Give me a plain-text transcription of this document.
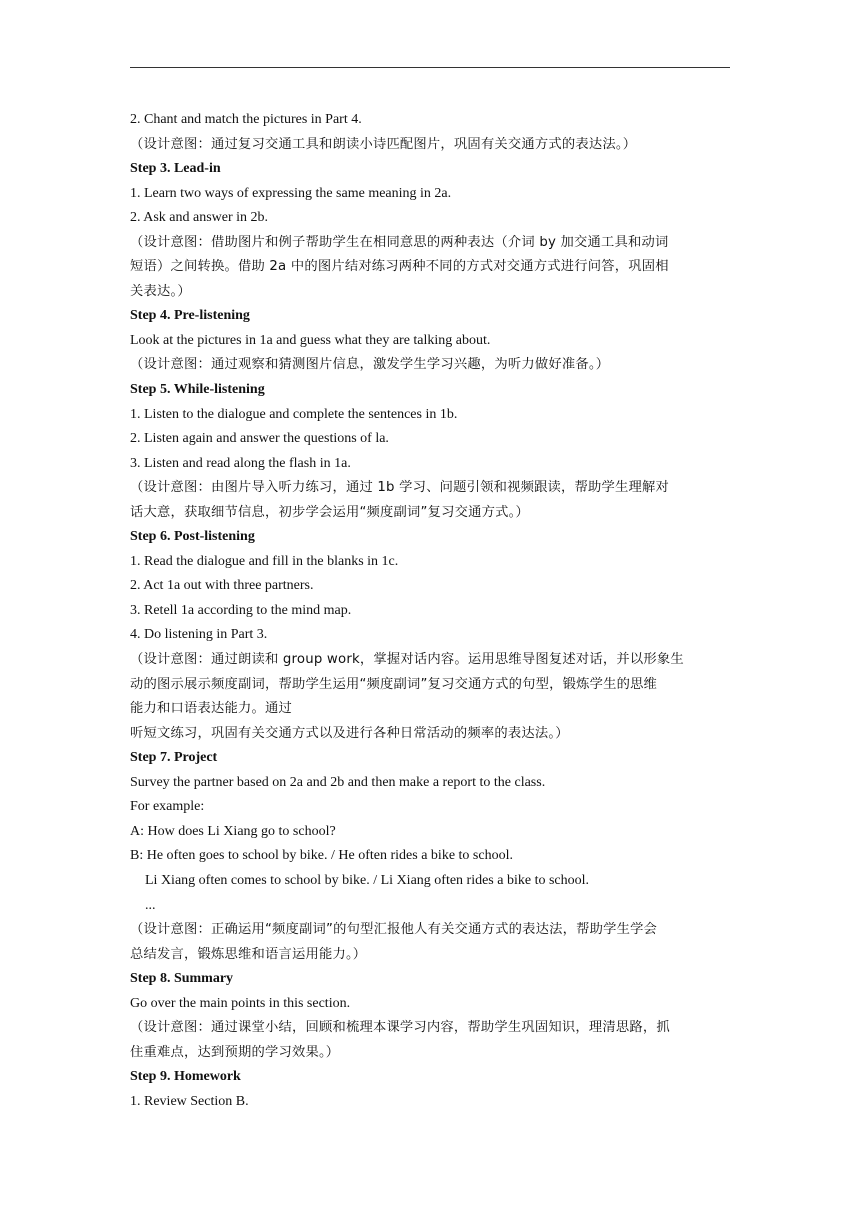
2. Chant and match the pictures in Part 4.
（设计意图：通过复习交通工具和朗读小诗匹配图片，巩固有关交通方式的表达法。）
Step 3. Lead-in
1. Learn two ways of expressing the same meaning in 2a.
2. Ask and answer in 2b.
（设计意图：借助图片和例子帮助学生在相同意思的两种表达（介词 by 加交通工具和动词
短语）之间转换。借助 2a 中的图片结对练习两种不同的方式对交通方式进行问答，巩固相
关表达。）
Step 4. Pre-listening
Look at the pictures in 1a and guess what they are talking about.
（设计意图：通过观察和猜测图片信息，激发学生学习兴趣，为听力做好准备。）
Step 5. While-listening
1. Listen to the dialogue and complete the sentences in 1b.
2. Listen again and answer the questions of la.
3. Listen and read along the flash in 1a.
（设计意图：由图片导入听力练习，通过 1b 学习、问题引领和视频跟读，帮助学生理解对
话大意，获取细节信息，初步学会运用“频度副词”复习交通方式。）
Step 6. Post-listening
1. Read the dialogue and fill in the blanks in 1c.
2. Act 1a out with three partners.
3. Retell 1a according to the mind map.
4. Do listening in Part 3.
（设计意图：通过朗读和 group work，掌握对话内容。运用思维导图复述对话，并以形象生
动的图示展示频度副词，帮助学生运用“频度副词”复习交通方式的句型，锻炼学生的思维
能力和口语表达能力。通过
听短文练习，巩固有关交通方式以及进行各种日常活动的频率的表达法。）
Step 7. Project
Survey the partner based on 2a and 2b and then make a report to the class.
For example:
A: How does Li Xiang go to school?
B: He often goes to school by bike. / He often rides a bike to school.
Li Xiang often comes to school by bike. / Li Xiang often rides a bike to school.
...
（设计意图：正确运用“频度副词”的句型汇报他人有关交通方式的表达法，帮助学生学会
总结发言，锻炼思维和语言运用能力。）
Step 8. Summary
Go over the main points in this section.
（设计意图：通过课堂小结，回顾和梳理本课学习内容，帮助学生巩固知识，理清思路，抓
住重难点，达到预期的学习效果。）
Step 9. Homework
1. Review Section B.
